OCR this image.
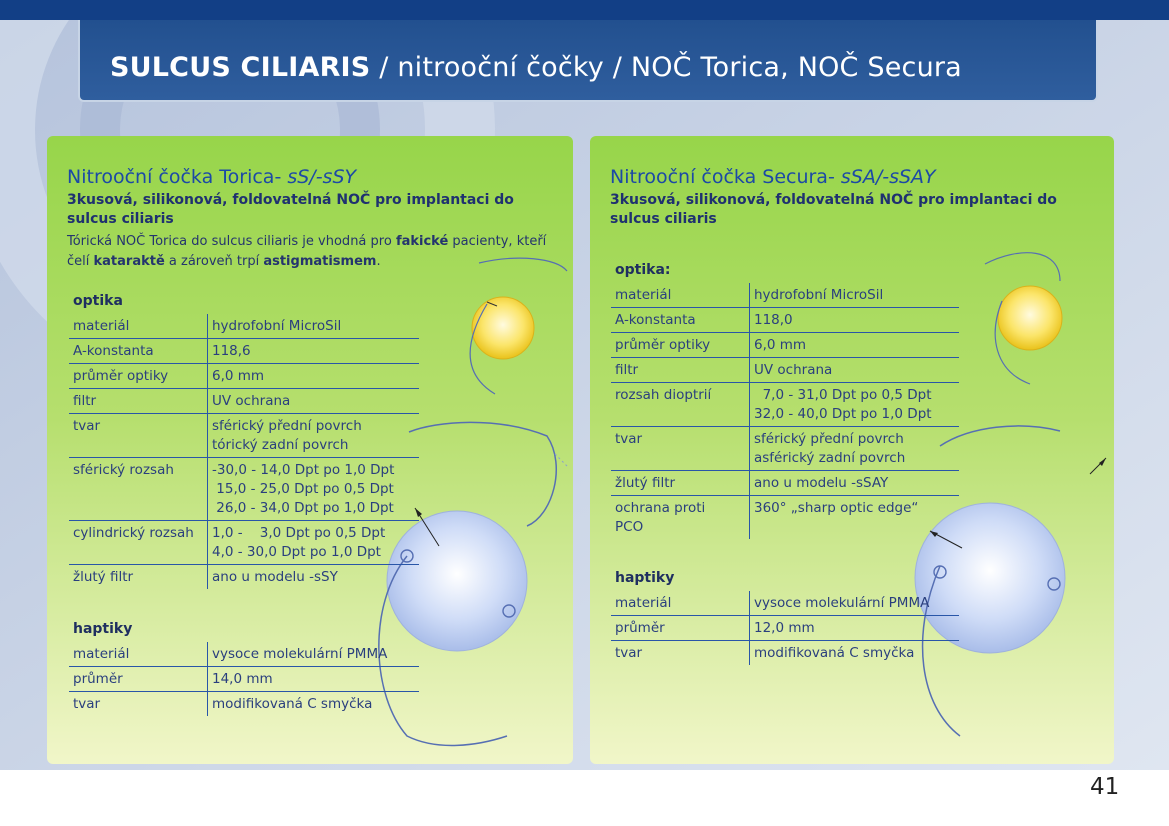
SULCUS CILIARIS / nitrooční čočky / NOČ Torica, NOČ Secura
Nitrooční čočka Torica- sS/-sSY
3kusová, silikonová, foldovatelná NOČ pro implantaci do sulcus ciliaris
Tórická NOČ Torica do sulcus ciliaris je vhodná pro fakické pacienty, kteří čelí kataraktě a zároveň trpí astigmatismem.
optika
materiál	hydrofobní MicroSil
A-konstanta	118,6
průměr optiky	6,0 mm
filtr	UV ochrana
tvar	sférický přední povrch
tórický zadní povrch

sférický rozsah	-30,0 - 14,0 Dpt po 1,0 Dpt
15,0 - 25,0 Dpt po 0,5 Dpt
26,0 - 34,0 Dpt po 1,0 Dpt

cylindrický rozsah	1,0 -    3,0 Dpt po 0,5 Dpt
4,0 - 30,0 Dpt po 1,0 Dpt

žlutý filtr	ano u modelu -sSY
haptiky
materiál	vysoce molekulární PMMA
průměr	14,0 mm
tvar	modifikovaná C smyčka
Nitrooční čočka Secura- sSA/-sSAY
3kusová, silikonová, foldovatelná NOČ pro implantaci do sulcus ciliaris
optika:
materiál	hydrofobní MicroSil
A-konstanta	118,0
průměr optiky	6,0 mm
filtr	UV ochrana
rozsah dioptrií	7,0 - 31,0 Dpt po 0,5 Dpt
32,0 - 40,0 Dpt po 1,0 Dpt

tvar	sférický přední povrch
asférický zadní povrch

žlutý filtr	ano u modelu -sSAY

ochrana proti
PCO	360° „sharp optic edge“
haptiky
materiál	vysoce molekulární PMMA
průměr	12,0 mm
tvar	modifikovaná C smyčka
41
